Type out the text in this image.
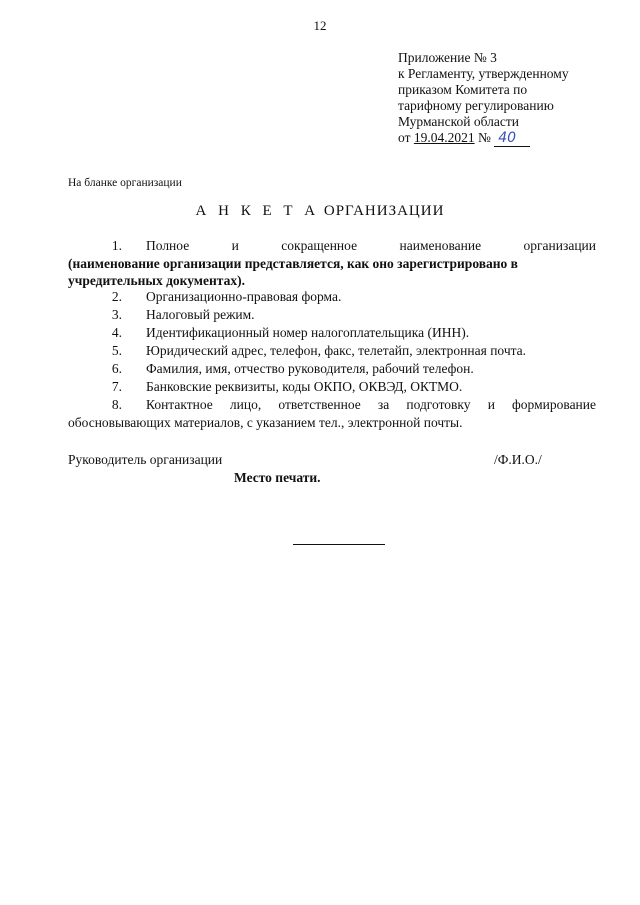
12
Приложение № 3
к Регламенту, утвержденному
приказом Комитета по
тарифному регулированию
Мурманской области
от 19.04.2021 № 40
На бланке организации
А Н К Е Т А ОРГАНИЗАЦИИ
1. Полное и сокращенное наименование организации
(наименование организации представляется, как оно зарегистрировано в учредительных документах).
2. Организационно-правовая форма.
3. Налоговый режим.
4. Идентификационный номер налогоплательщика (ИНН).
5. Юридический адрес, телефон, факс, телетайп, электронная почта.
6. Фамилия, имя, отчество руководителя, рабочий телефон.
7. Банковские реквизиты, коды ОКПО, ОКВЭД, ОКТМО.
8. Контактное лицо, ответственное за подготовку и формирование
обосновывающих материалов, с указанием тел., электронной почты.
Руководитель организации	/Ф.И.О./
Место печати.
